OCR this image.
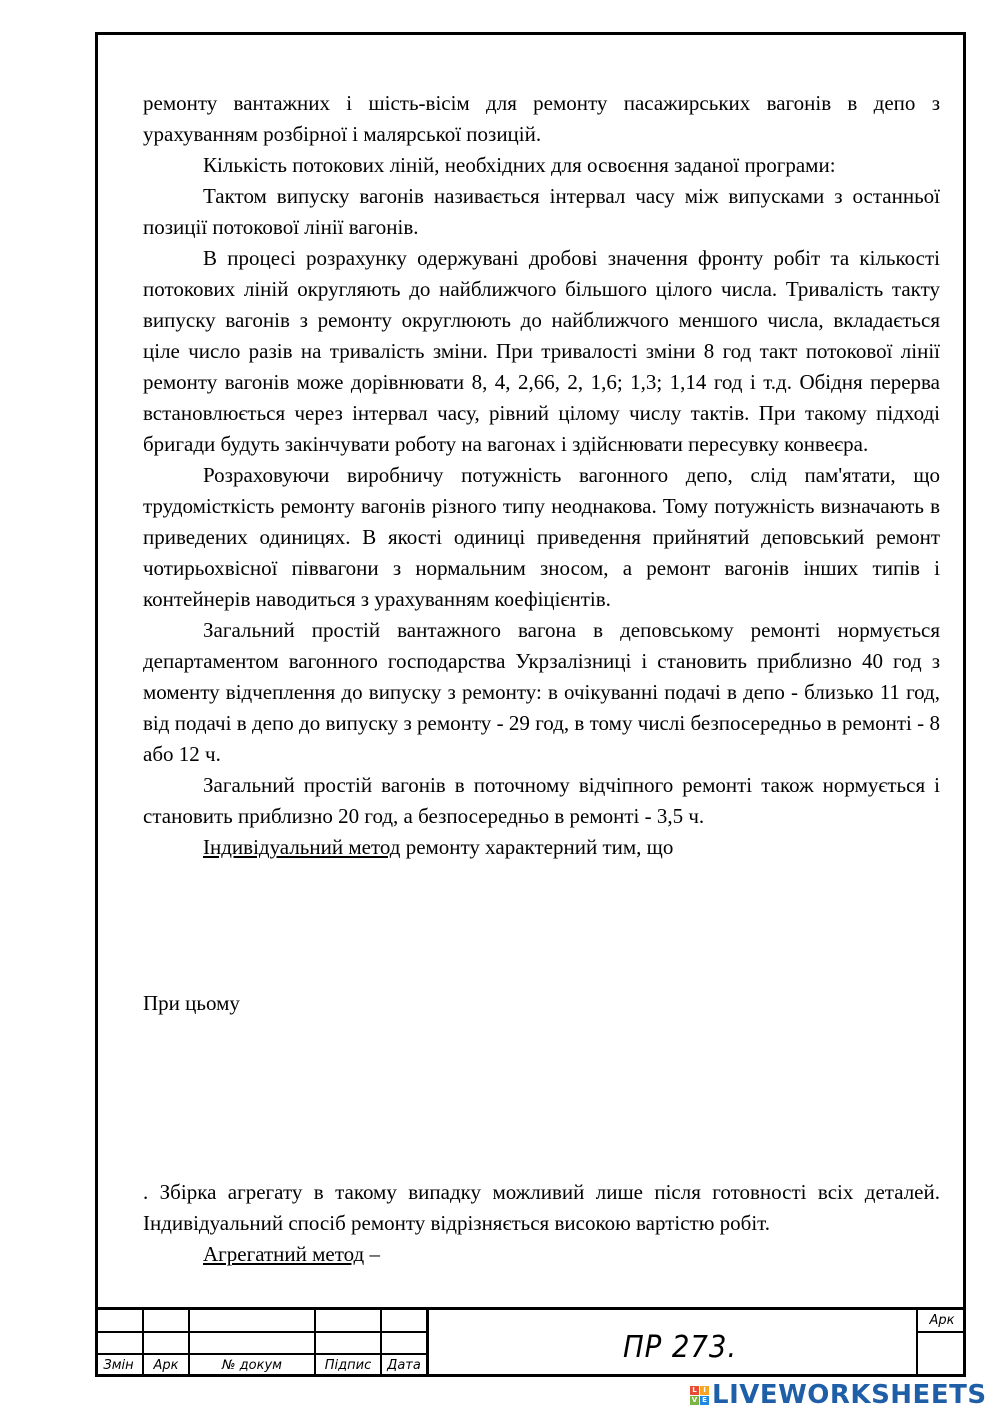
ремонту вантажних і шість-вісім для ремонту пасажирських вагонів в депо з урахуванням розбірної і малярської позицій.

Кількість потокових ліній, необхідних для освоєння заданої програми:

Тактом випуску вагонів називається інтервал часу між випусками з останньої позиції потокової лінії вагонів.

В процесі розрахунку одержувані дробові значення фронту робіт та кількості потокових ліній округляють до найближчого більшого цілого числа. Тривалість такту випуску вагонів з ремонту округлюють до найближчого меншого числа, вкладається ціле число разів на тривалість зміни. При тривалості зміни 8 год такт потокової лінії ремонту вагонів може дорівнювати 8, 4, 2,66, 2, 1,6; 1,3; 1,14 год і т.д. Обідня перерва встановлюється через інтервал часу, рівний цілому числу тактів. При такому підході бригади будуть закінчувати роботу на вагонах і здійснювати пересувку конвеєра.

Розраховуючи виробничу потужність вагонного депо, слід пам'ятати, що трудомісткість ремонту вагонів різного типу неоднакова. Тому потужність визначають в приведених одиницях. В якості одиниці приведення прийнятий деповський ремонт чотирьохвісної піввагони з нормальним зносом, а ремонт вагонів інших типів і контейнерів наводиться з урахуванням коефіцієнтів.

Загальний простій вантажного вагона в деповському ремонті нормується департаментом вагонного господарства Укрзалізниці і становить приблизно 40 год з моменту відчеплення до випуску з ремонту: в очікуванні подачі в депо - близько 11 год, від подачі в депо до випуску з ремонту - 29 год, в тому числі безпосередньо в ремонті - 8 або 12 ч.

Загальний простій вагонів в поточному відчіпного ремонті також нормується і становить приблизно 20 год, а безпосередньо в ремонті - 3,5 ч.

Індивідуальний метод ремонту характерний тим, що

При цьому

. Збірка агрегату в такому випадку можливий лише після готовності всіх деталей. Індивідуальний спосіб ремонту відрізняється високою вартістю робіт.

Агрегатний метод –

Змін	Арк	№ докум	Підпис	Дата
Арк
ПР 273.
L I
V E LIVEWORKSHEETS
